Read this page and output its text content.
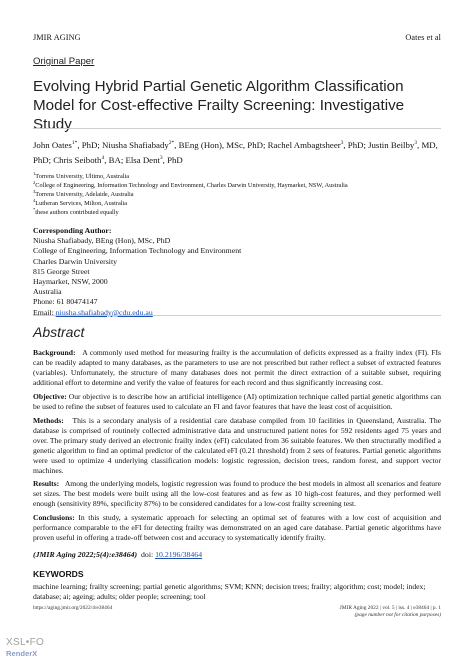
JMIR AGING	Oates et al
Original Paper
Evolving Hybrid Partial Genetic Algorithm Classification Model for Cost-effective Frailty Screening: Investigative Study
John Oates$^{1*}$, PhD; Niusha Shafiabady$^{2*}$, BEng (Hon), MSc, PhD; Rachel Ambagtsheer$^3$, PhD; Justin Beilby$^3$, MD, PhD; Chris Seiboth$^4$, BA; Elsa Dent$^3$, PhD
$^1$Torrens University, Ultimo, Australia
$^2$College of Engineering, Information Technology and Environment, Charles Darwin University, Haymarket, NSW, Australia
$^3$Torrens University, Adelaide, Australia
$^4$Lutheran Services, Milton, Australia
*these authors contributed equally
Corresponding Author:
Niusha Shafiabady, BEng (Hon), MSc, PhD
College of Engineering, Information Technology and Environment
Charles Darwin University
815 George Street
Haymarket, NSW, 2000
Australia
Phone: 61 80474147
Email: niusha.shafiabady@cdu.edu.au
Abstract
Background: A commonly used method for measuring frailty is the accumulation of deficits expressed as a frailty index (FI). FIs can be readily adapted to many databases, as the parameters to use are not prescribed but rather reflect a subset of extracted features (variables). Unfortunately, the structure of many databases does not permit the direct extraction of a suitable subset, requiring additional effort to determine and verify the value of features for each record and thus significantly increasing cost.
Objective: Our objective is to describe how an artificial intelligence (AI) optimization technique called partial genetic algorithms can be used to refine the subset of features used to calculate an FI and favor features that have the least cost of acquisition.
Methods: This is a secondary analysis of a residential care database compiled from 10 facilities in Queensland, Australia. The database is comprised of routinely collected administrative data and unstructured patient notes for 592 residents aged 75 years and over. The primary study derived an electronic frailty index (eFI) calculated from 36 suitable features. We then structurally modified a genetic algorithm to find an optimal predictor of the calculated eFI (0.21 threshold) from 2 sets of features. Partial genetic algorithms were used to optimize 4 underlying classification models: logistic regression, decision trees, random forest, and support vector machines.
Results: Among the underlying models, logistic regression was found to produce the best models in almost all scenarios and feature set sizes. The best models were built using all the low-cost features and as few as 10 high-cost features, and they performed well enough (sensitivity 89%, specificity 87%) to be considered candidates for a low-cost frailty screening test.
Conclusions: In this study, a systematic approach for selecting an optimal set of features with a low cost of acquisition and performance comparable to the eFI for detecting frailty was demonstrated on an aged care database. Partial genetic algorithms have proven useful in offering a trade-off between cost and accuracy to systematically identify frailty.
(JMIR Aging 2022;5(4):e38464) doi: 10.2196/38464
KEYWORDS
machine learning; frailty screening; partial genetic algorithms; SVM; KNN; decision trees; frailty; algorithm; cost; model; index; database; ai; ageing; adults; older people; screening; tool
https://aging.jmir.org/2022/4/e38464	JMIR Aging 2022 | vol. 5 | iss. 4 | e38464 | p. 1
(page number not for citation purposes)
XSL•FO
RenderX
